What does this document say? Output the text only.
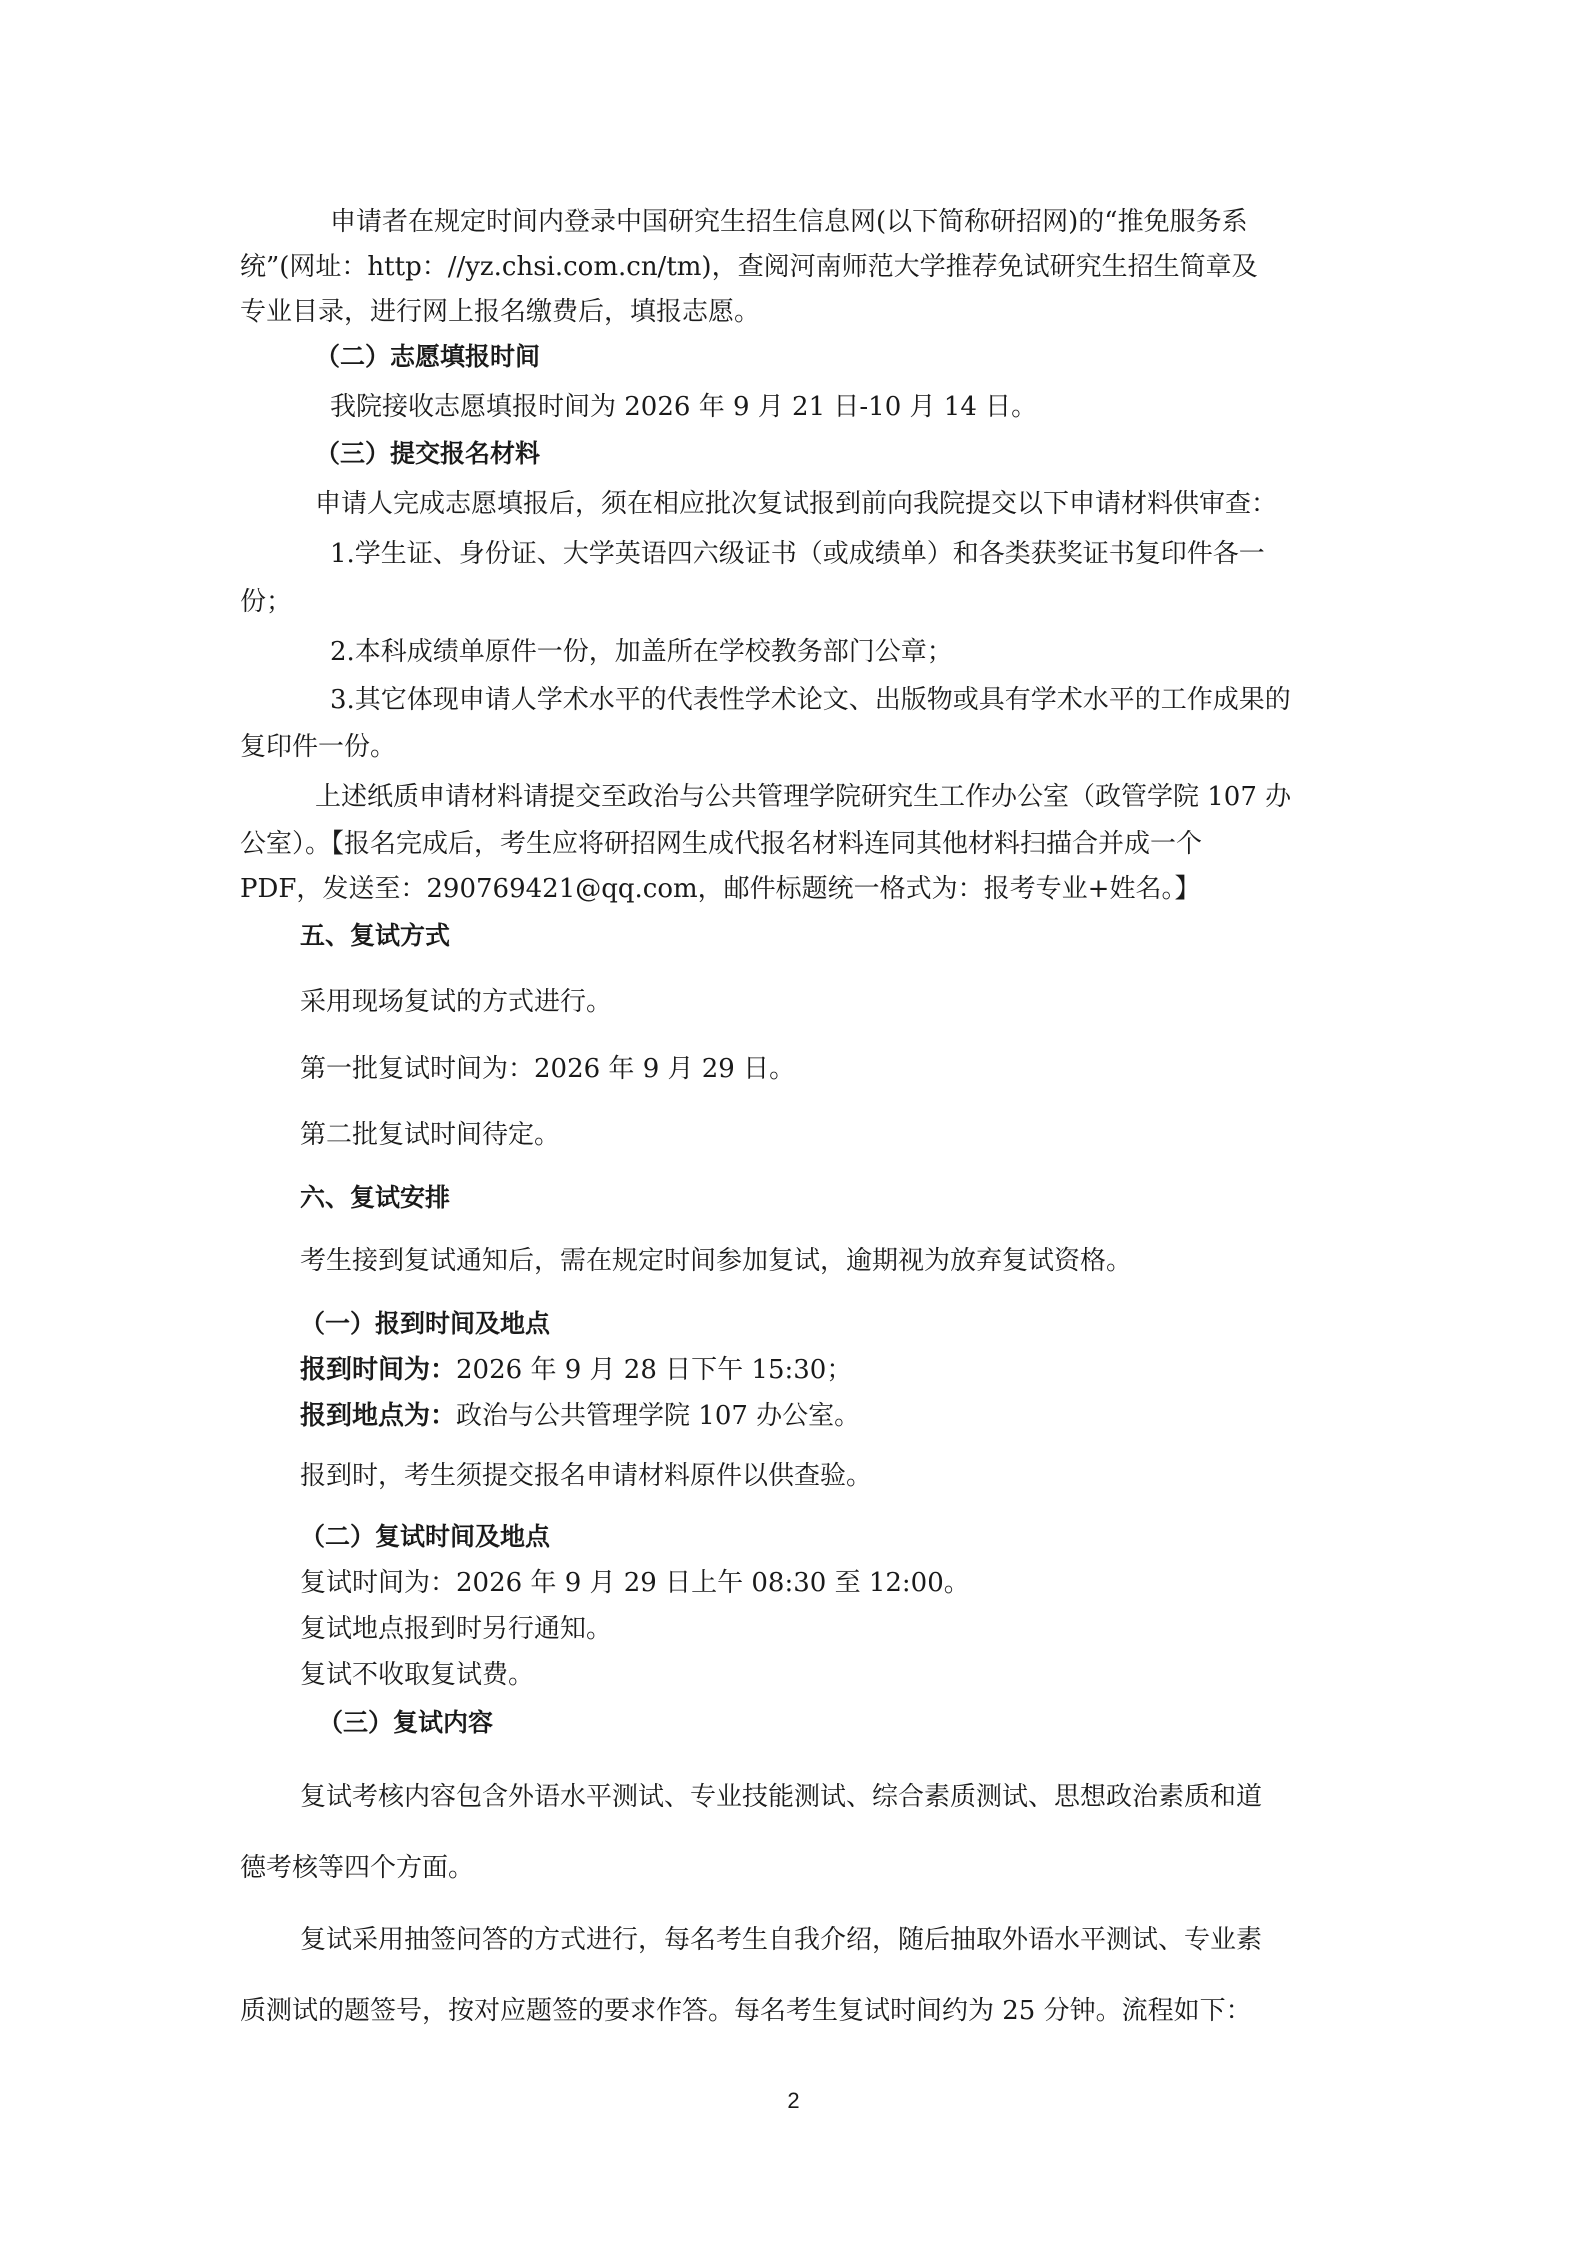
申请者在规定时间内登录中国研究生招生信息网(以下简称研招网)的“推免服务系
统”(网址：http：//yz.chsi.com.cn/tm)，查阅河南师范大学推荐免试研究生招生简章及
专业目录，进行网上报名缴费后，填报志愿。
（二）志愿填报时间
我院接收志愿填报时间为 2026 年 9 月 21 日-10 月 14 日。
（三）提交报名材料
申请人完成志愿填报后，须在相应批次复试报到前向我院提交以下申请材料供审查：
1.学生证、身份证、大学英语四六级证书（或成绩单）和各类获奖证书复印件各一
份；
2.本科成绩单原件一份，加盖所在学校教务部门公章；
3.其它体现申请人学术水平的代表性学术论文、出版物或具有学术水平的工作成果的
复印件一份。
上述纸质申请材料请提交至政治与公共管理学院研究生工作办公室（政管学院 107 办
公室）。【报名完成后，考生应将研招网生成代报名材料连同其他材料扫描合并成一个
PDF，发送至：290769421@qq.com，邮件标题统一格式为：报考专业+姓名。】
五、复试方式
采用现场复试的方式进行。
第一批复试时间为：2026 年 9 月 29 日。
第二批复试时间待定。
六、复试安排
考生接到复试通知后，需在规定时间参加复试，逾期视为放弃复试资格。
（一）报到时间及地点
报到时间为：2026 年 9 月 28 日下午 15:30；
报到地点为：政治与公共管理学院 107 办公室。
报到时，考生须提交报名申请材料原件以供查验。
（二）复试时间及地点
复试时间为：2026 年 9 月 29 日上午 08:30 至 12:00。
复试地点报到时另行通知。
复试不收取复试费。
（三）复试内容
复试考核内容包含外语水平测试、专业技能测试、综合素质测试、思想政治素质和道
德考核等四个方面。
复试采用抽签问答的方式进行，每名考生自我介绍，随后抽取外语水平测试、专业素
质测试的题签号，按对应题签的要求作答。每名考生复试时间约为 25 分钟。流程如下：
2
